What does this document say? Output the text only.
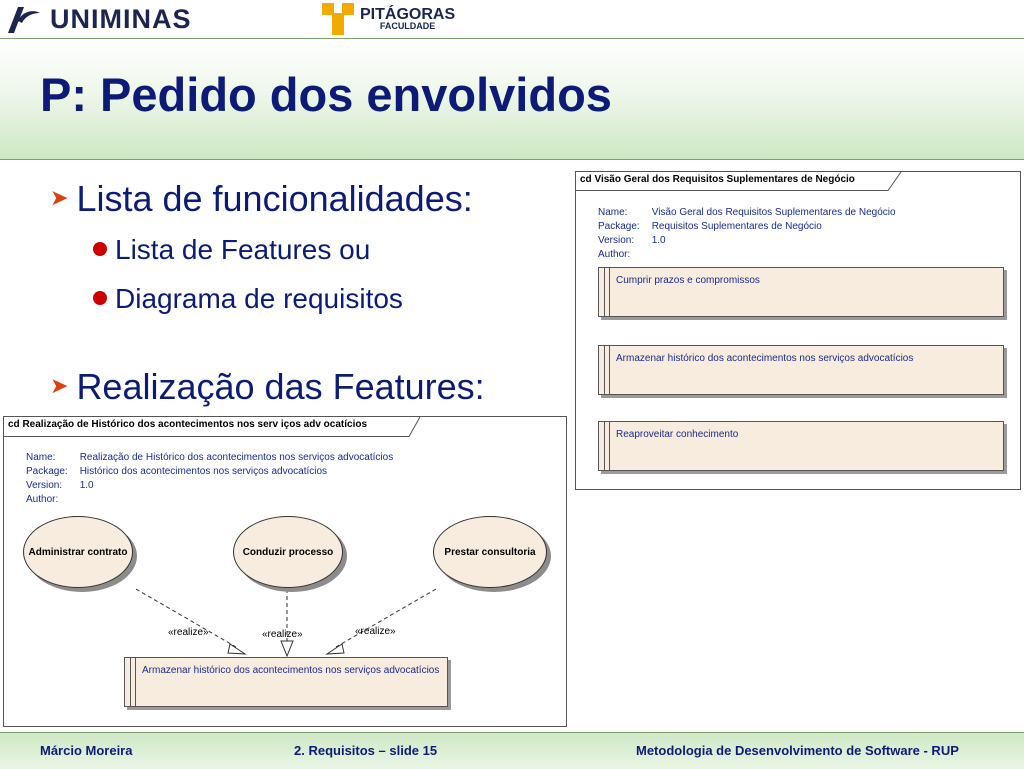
UNIMINAS	PITÁGORAS
FACULDADE
P: Pedido dos envolvidos
➤ Lista de funcionalidades:
Lista de Features ou
Diagrama de requisitos
➤ Realização das Features:
cd Visão Geral dos Requisitos Suplementares de Negócio
Name:	Visão Geral dos Requisitos Suplementares de Negócio
Package:	Requisitos Suplementares de Negócio
Version:	1.0
Author:	
Cumprir prazos e compromissos
Armazenar histórico dos acontecimentos nos serviços advocatícios
Reaproveitar conhecimento
cd Realização de Histórico dos acontecimentos nos serv iços adv ocatícios
Name:	Realização de Histórico dos acontecimentos nos serviços advocatícios
Package:	Histórico dos acontecimentos nos serviços advocatícios
Version:	1.0
Author:	
Administrar contrato	Conduzir processo	Prestar consultoria
«realize»	«realize»	«realize»
Armazenar histórico dos acontecimentos nos serviços advocatícios
Márcio Moreira	2. Requisitos – slide 15	Metodologia de Desenvolvimento de Software - RUP
